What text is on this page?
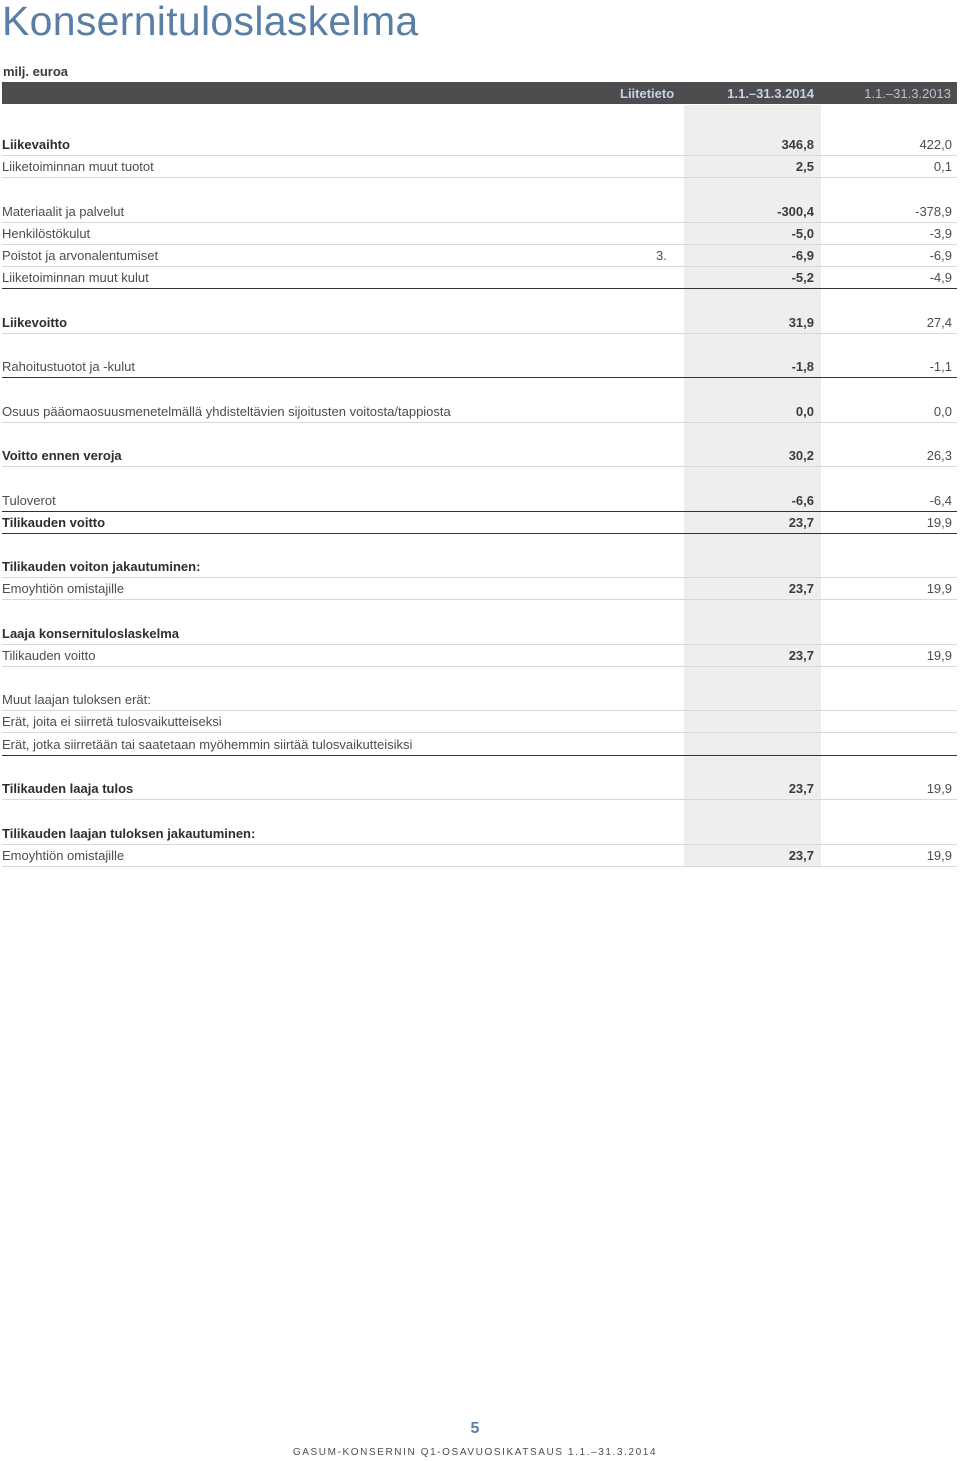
Konsernituloslaskelma
milj. euroa
Liitetieto	1.1.–31.3.2014	1.1.–31.3.2013
Liikevaihto	346,8	422,0
Liiketoiminnan muut tuotot	2,5	0,1
Materiaalit ja palvelut	-300,4	-378,9
Henkilöstökulut	-5,0	-3,9
Poistot ja arvonalentumiset	3.	-6,9	-6,9
Liiketoiminnan muut kulut	-5,2	-4,9
Liikevoitto	31,9	27,4
Rahoitustuotot ja -kulut	-1,8	-1,1
Osuus pääomaosuusmenetelmällä yhdisteltävien sijoitusten voitosta/tappiosta	0,0	0,0
Voitto ennen veroja	30,2	26,3
Tuloverot	-6,6	-6,4
Tilikauden voitto	23,7	19,9
Tilikauden voiton jakautuminen:
Emoyhtiön omistajille	23,7	19,9
Laaja konsernituloslaskelma
Tilikauden voitto	23,7	19,9
Muut laajan tuloksen erät:
Erät, joita ei siirretä tulosvaikutteiseksi
Erät, jotka siirretään tai saatetaan myöhemmin siirtää tulosvaikutteisiksi
Tilikauden laaja tulos	23,7	19,9
Tilikauden laajan tuloksen jakautuminen:
Emoyhtiön omistajille	23,7	19,9
5
GASUM-KONSERNIN Q1-OSAVUOSIKATSAUS 1.1.–31.3.2014
